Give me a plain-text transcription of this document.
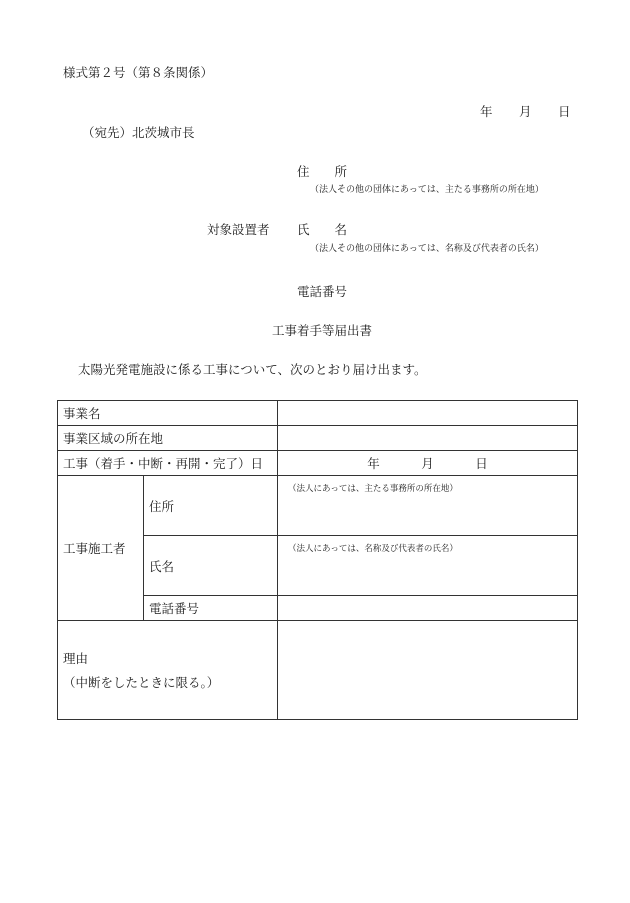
様式第２号（第８条関係）
年 月 日
（宛先）北茨城市長
住　　所
（法人その他の団体にあっては、主たる事務所の所在地）
対象設置者 氏　　名
（法人その他の団体にあっては、名称及び代表者の氏名）
電話番号
工事着手等届出書
太陽光発電施設に係る工事について、次のとおり届け出ます。
事業名		
事業区域の所在地		
工事（着手・中断・再開・完了）日		年 月 日

工事施工者	住所	（法人にあっては、主たる事務所の所在地）

	氏名	（法人にあっては、名称及び代表者の氏名）

	電話番号	

理由
（中断をしたときに限る。）		
